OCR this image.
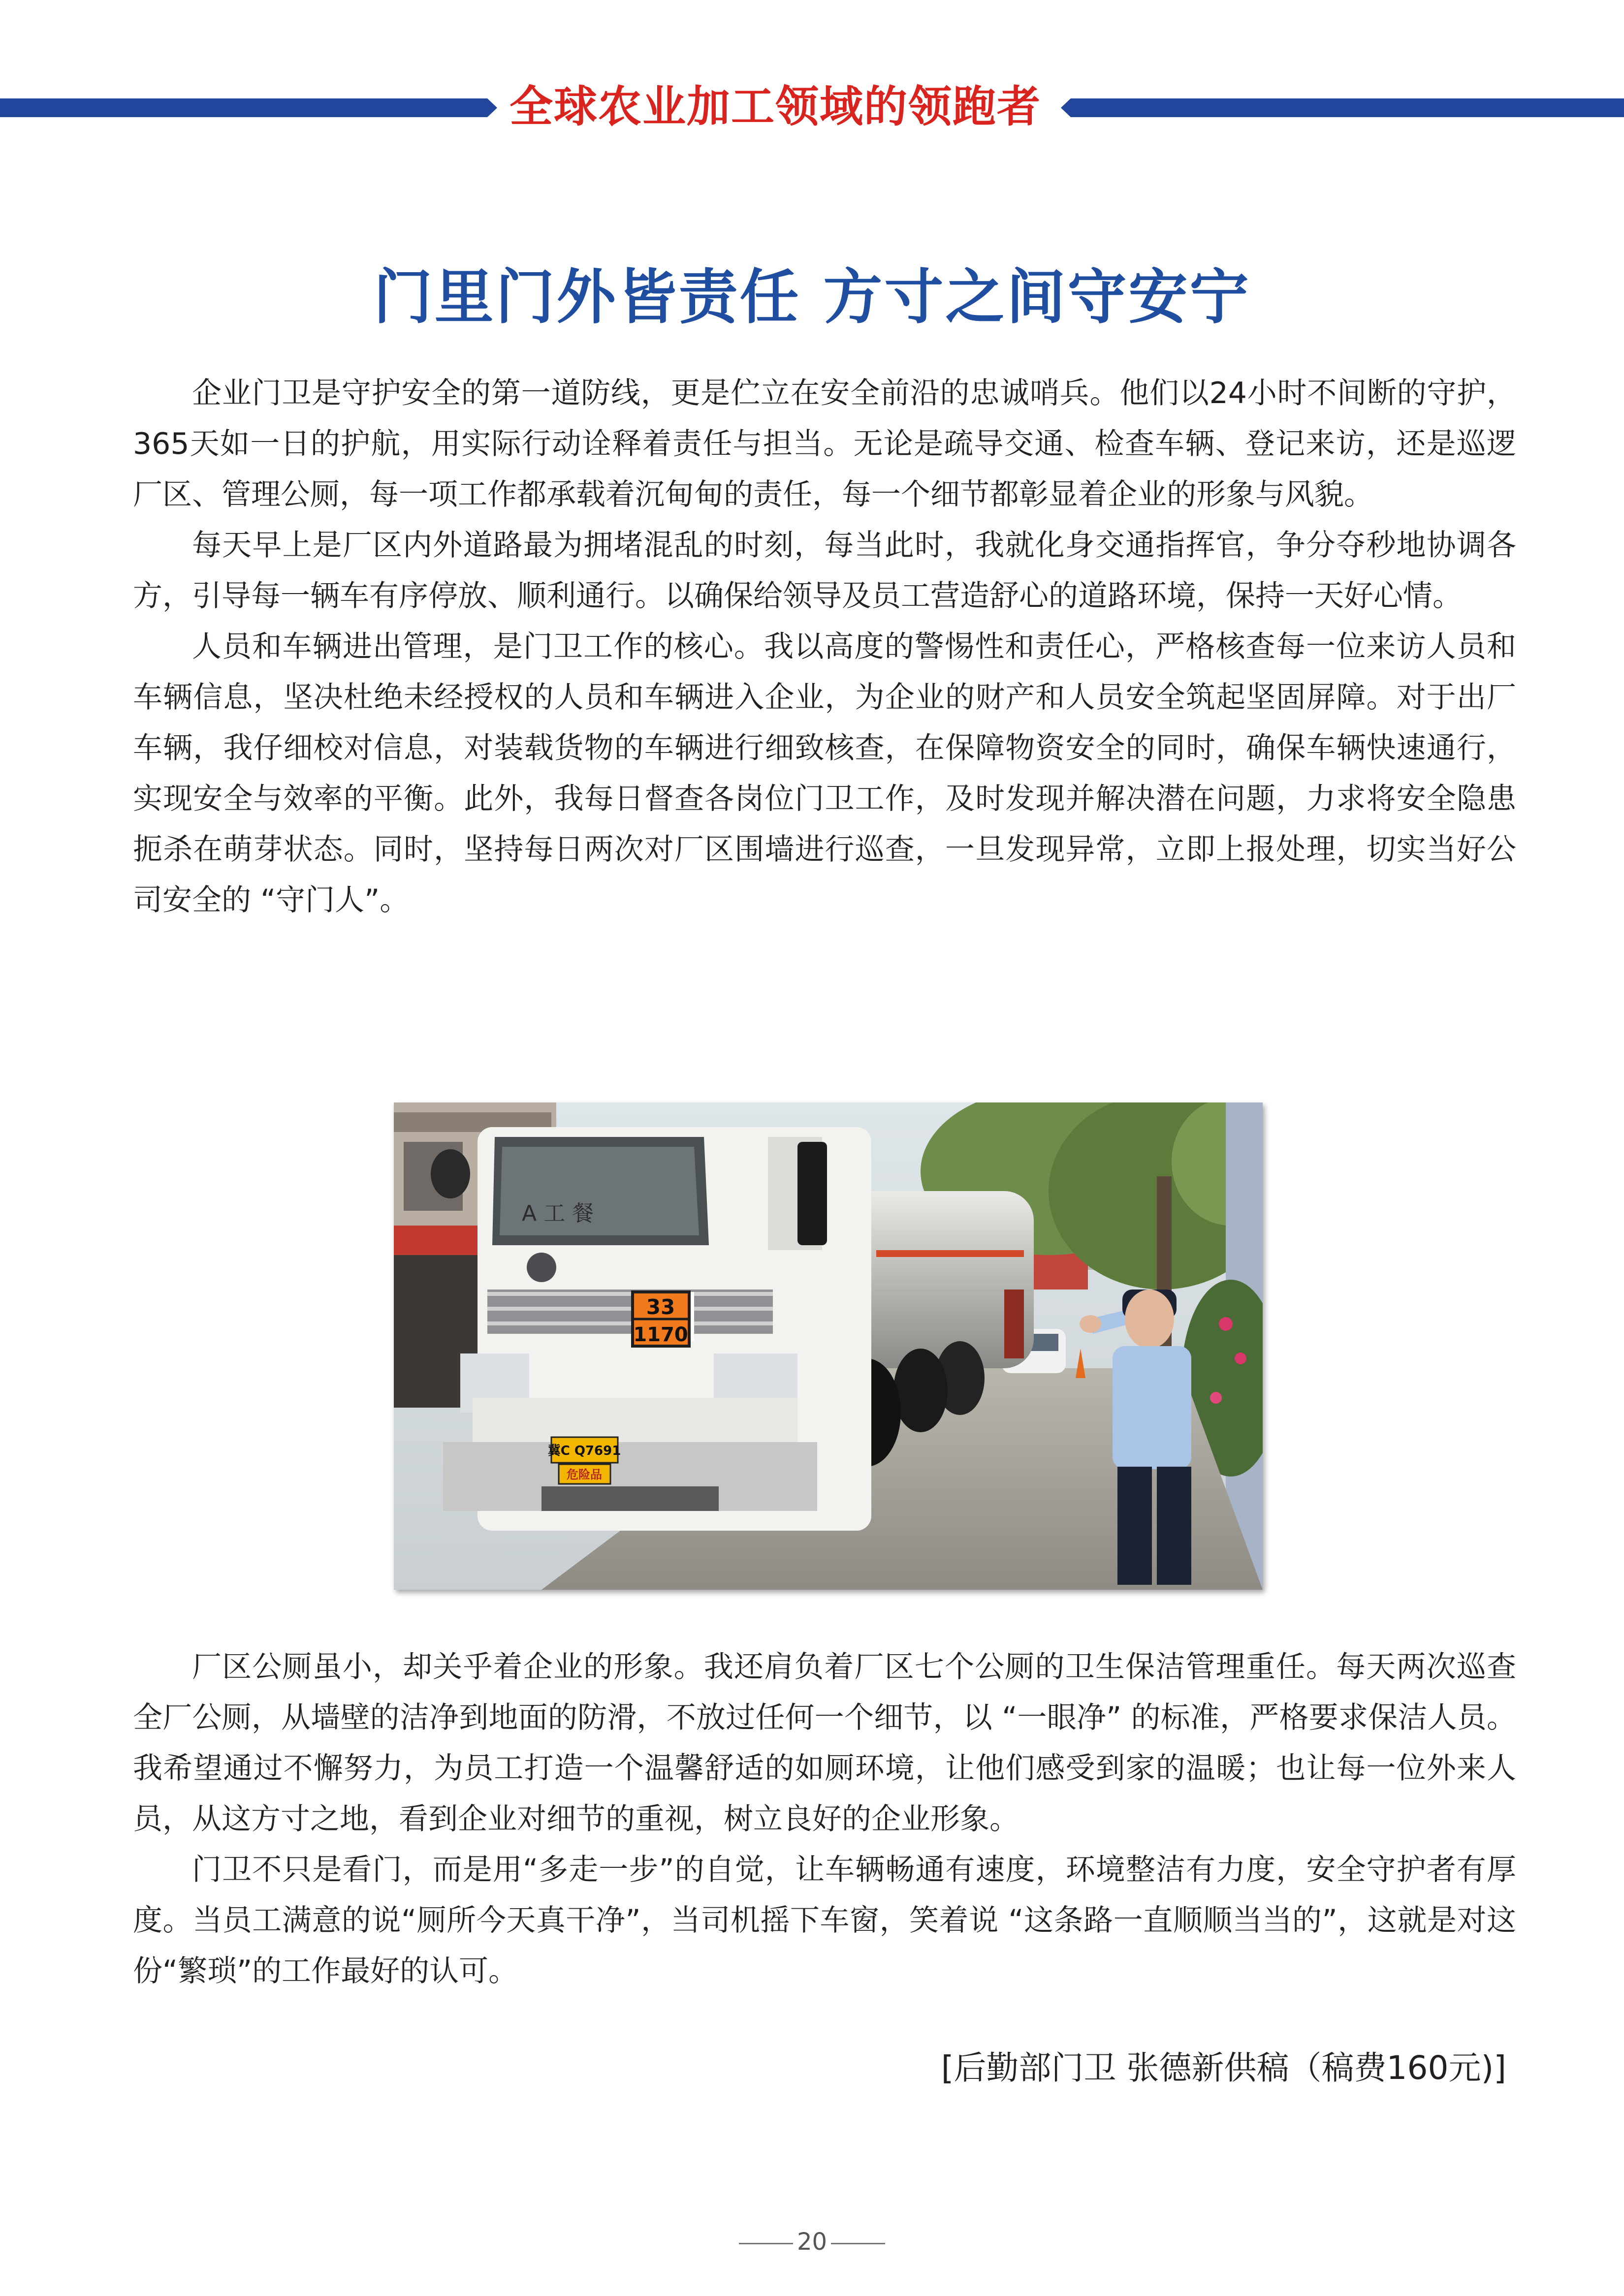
全球农业加工领域的领跑者
门里门外皆责任 方寸之间守安宁

企业门卫是守护安全的第一道防线，更是伫立在安全前沿的忠诚哨兵。他们以24小时不间断的守护，365天如一日的护航，用实际行动诠释着责任与担当。无论是疏导交通、检查车辆、登记来访，还是巡逻厂区、管理公厕，每一项工作都承载着沉甸甸的责任，每一个细节都彰显着企业的形象与风貌。

每天早上是厂区内外道路最为拥堵混乱的时刻，每当此时，我就化身交通指挥官，争分夺秒地协调各方，引导每一辆车有序停放、顺利通行。以确保给领导及员工营造舒心的道路环境，保持一天好心情。

人员和车辆进出管理，是门卫工作的核心。我以高度的警惕性和责任心，严格核查每一位来访人员和车辆信息，坚决杜绝未经授权的人员和车辆进入企业，为企业的财产和人员安全筑起坚固屏障。对于出厂车辆，我仔细校对信息，对装载货物的车辆进行细致核查，在保障物资安全的同时，确保车辆快速通行，实现安全与效率的平衡。此外，我每日督查各岗位门卫工作，及时发现并解决潜在问题，力求将安全隐患扼杀在萌芽状态。同时，坚持每日两次对厂区围墙进行巡查，一旦发现异常，立即上报处理，切实当好公司安全的 “守门人”。

33
1170
冀C Q7691
危险品
A 工 餐

厂区公厕虽小，却关乎着企业的形象。我还肩负着厂区七个公厕的卫生保洁管理重任。每天两次巡查全厂公厕，从墙壁的洁净到地面的防滑，不放过任何一个细节，以 “一眼净” 的标准，严格要求保洁人员。我希望通过不懈努力，为员工打造一个温馨舒适的如厕环境，让他们感受到家的温暖；也让每一位外来人员，从这方寸之地，看到企业对细节的重视，树立良好的企业形象。

门卫不只是看门，而是用“多走一步”的自觉，让车辆畅通有速度，环境整洁有力度，安全守护者有厚度。当员工满意的说“厕所今天真干净”，当司机摇下车窗，笑着说 “这条路一直顺顺当当的”，这就是对这份“繁琐”的工作最好的认可。

[后勤部门卫 张德新供稿（稿费160元)]
20
